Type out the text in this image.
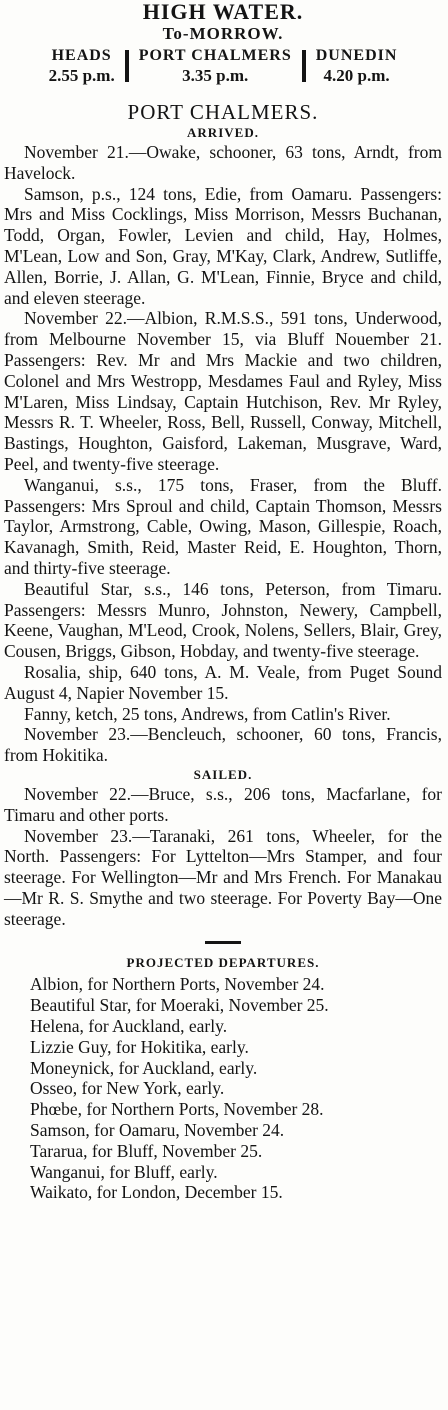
HIGH WATER.
To-MORROW.
HEADS
2.55 p.m.
PORT CHALMERS
3.35 p.m.
DUNEDIN
4.20 p.m.
PORT CHALMERS.
ARRIVED.

November 21.—Owake, schooner, 63 tons, Arndt, from Havelock.

Samson, p.s., 124 tons, Edie, from Oamaru. Passengers: Mrs and Miss Cocklings, Miss Morrison, Messrs Buchanan, Todd, Organ, Fowler, Levien and child, Hay, Holmes, M'Lean, Low and Son, Gray, M'Kay, Clark, Andrew, Sutliffe, Allen, Borrie, J. Allan, G. M'Lean, Finnie, Bryce and child, and eleven steerage.

November 22.—Albion, R.M.S.S., 591 tons, Underwood, from Melbourne November 15, via Bluff Nouember 21. Passengers: Rev. Mr and Mrs Mackie and two children, Colonel and Mrs Westropp, Mesdames Faul and Ryley, Miss M'Laren, Miss Lindsay, Captain Hutchison, Rev. Mr Ryley, Messrs R. T. Wheeler, Ross, Bell, Russell, Conway, Mitchell, Bastings, Houghton, Gaisford, Lakeman, Musgrave, Ward, Peel, and twenty-five steerage.

Wanganui, s.s., 175 tons, Fraser, from the Bluff. Passengers: Mrs Sproul and child, Captain Thomson, Messrs Taylor, Armstrong, Cable, Owing, Mason, Gillespie, Roach, Kavanagh, Smith, Reid, Master Reid, E. Houghton, Thorn, and thirty-five steerage.

Beautiful Star, s.s., 146 tons, Peterson, from Timaru. Passengers: Messrs Munro, Johnston, Newery, Campbell, Keene, Vaughan, M'Leod, Crook, Nolens, Sellers, Blair, Grey, Cousen, Briggs, Gibson, Hobday, and twenty-five steerage.

Rosalia, ship, 640 tons, A. M. Veale, from Puget Sound August 4, Napier November 15.

Fanny, ketch, 25 tons, Andrews, from Catlin's River.

November 23.—Bencleuch, schooner, 60 tons, Francis, from Hokitika.

SAILED.

November 22.—Bruce, s.s., 206 tons, Macfarlane, for Timaru and other ports.

November 23.—Taranaki, 261 tons, Wheeler, for the North. Passengers: For Lyttelton—Mrs Stamper, and four steerage. For Wellington—Mr and Mrs French. For Manakau—Mr R. S. Smythe and two steerage. For Poverty Bay—One steerage.

PROJECTED DEPARTURES.
Albion, for Northern Ports, November 24.
Beautiful Star, for Moeraki, November 25.
Helena, for Auckland, early.
Lizzie Guy, for Hokitika, early.
Moneynick, for Auckland, early.
Osseo, for New York, early.
Phœbe, for Northern Ports, November 28.
Samson, for Oamaru, November 24.
Tararua, for Bluff, November 25.
Wanganui, for Bluff, early.
Waikato, for London, December 15.
